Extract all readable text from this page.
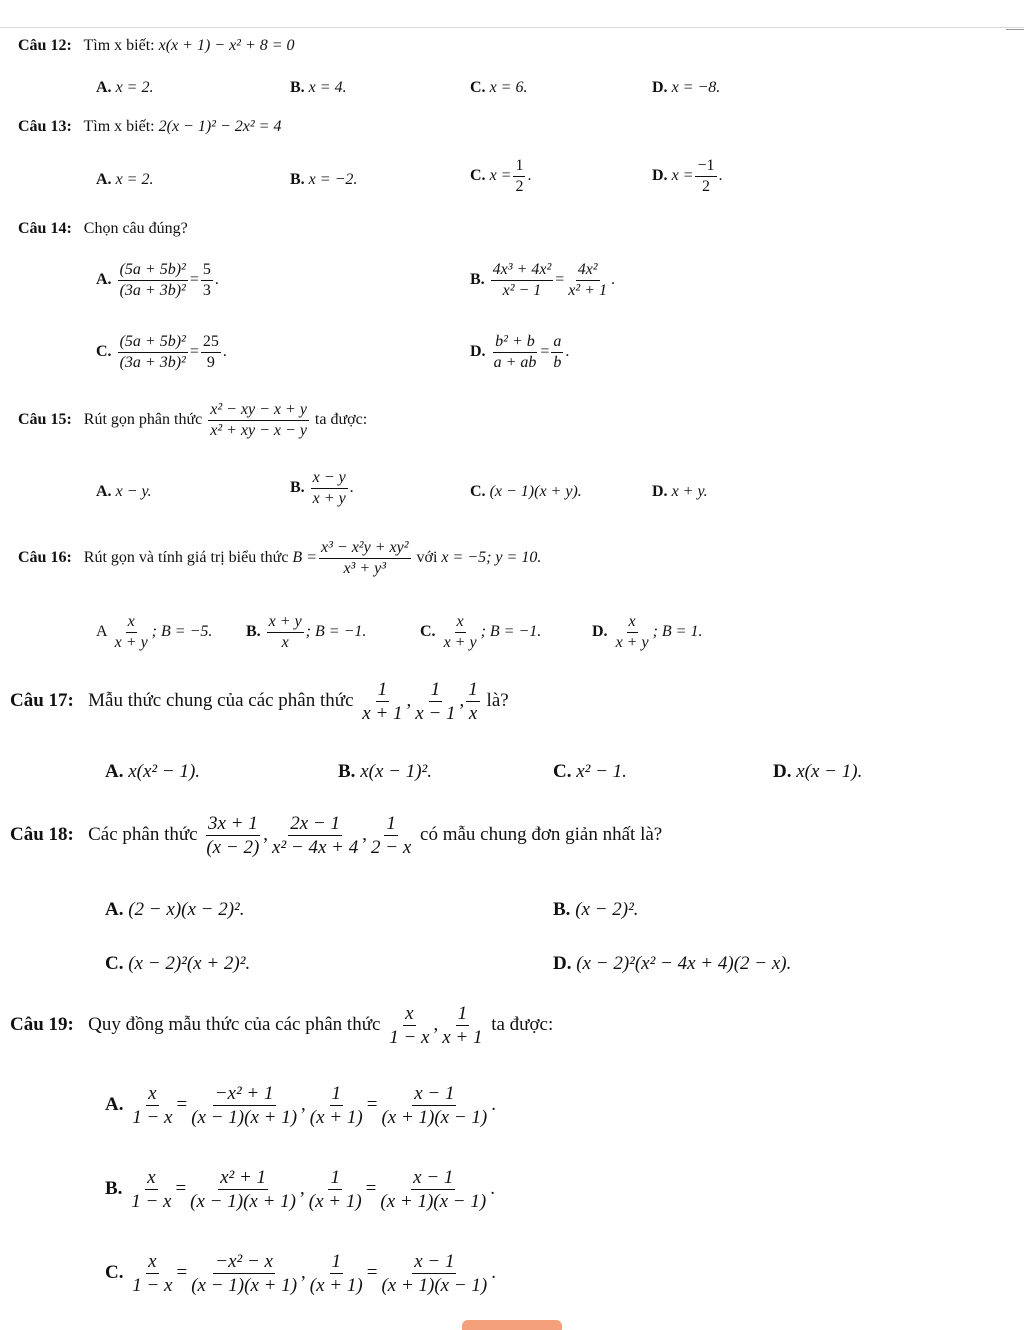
Câu 12: Tìm x biết: x(x + 1) − x² + 8 = 0
A. x = 2.	B. x = 4.	C. x = 6.	D. x = −8.
Câu 13: Tìm x biết: 2(x − 1)² − 2x² = 4
A. x = 2.	B. x = −2.	C. $x = \frac{1}{2}$ .	D. $x = \frac{-1}{2}$ .
Câu 14: Chọn câu đúng?
A. $\frac{\text{(5a + 5b)²}}{\text{(3a + 3b)²}} = \frac{5}{3}$ .	B. $\frac{\text{4x³ + 4x²}}{\text{x² − 1}} = \frac{\text{4x²}}{\text{x² + 1}}$ .
C. $\frac{\text{(5a + 5b)²}}{\text{(3a + 3b)²}} = \frac{25}{9}$ .	D. $\frac{\text{b² + b}}{a + ab} = \frac{a}{b}$ .
Câu 15: Rút gọn phân thức $\frac{\text{x² − xy − x + y}}{\text{x² + xy − x − y}}$ ta được:
A. x − y.	B. $\frac{x - y}{x + y}$ .	C. (x − 1)(x + y).	D. x + y.
Câu 16: Rút gọn và tính giá trị biểu thức $B = \frac{\text{x³ − x²y + xy²}}{\text{x³ + y³}}$ với x = −5; y = 10.
A $\frac{x}{x + y}$ ; B = −5. B. $\frac{x + y}{x}$ ; B = −1.	C. $\frac{x}{x + y}$ ; B = −1.	D. $\frac{x}{x + y}$ ; B = 1.
Câu 17: Mẫu thức chung của các phân thức $\frac{1}{x + 1}$ , $\frac{1}{x - 1}$ , $\frac{1}{x}$ là?
A. x(x² − 1).	B. x(x − 1)².	C. x² − 1.	D. x(x − 1).
Câu 18: Các phân thức $\frac{3x + 1}{(x - 2)}$ , $\frac{2x - 1}{\text{x² − 4x + 4}}$ , $\frac{1}{2 - x}$ có mẫu chung đơn giản nhất là?
A. (2 − x)(x − 2)².	B. (x − 2)².
C. (x − 2)²(x + 2)².	D. (x − 2)²(x² − 4x + 4)(2 − x).
Câu 19: Quy đồng mẫu thức của các phân thức $\frac{x}{1 - x}$ , $\frac{1}{x + 1}$ ta được:
A. $\frac{x}{1 - x} = \frac{\text{−x² + 1}}{(x - 1)(x + 1)}$ , $\frac{1}{(x + 1)} = \frac{x - 1}{(x + 1)(x - 1)}$ .
B. $\frac{x}{1 - x} = \frac{\text{x² + 1}}{(x - 1)(x + 1)}$ , $\frac{1}{(x + 1)} = \frac{x - 1}{(x + 1)(x - 1)}$ .
C. $\frac{x}{1 - x} = \frac{\text{−x² − x}}{(x - 1)(x + 1)}$ , $\frac{1}{(x + 1)} = \frac{x - 1}{(x + 1)(x - 1)}$ .
